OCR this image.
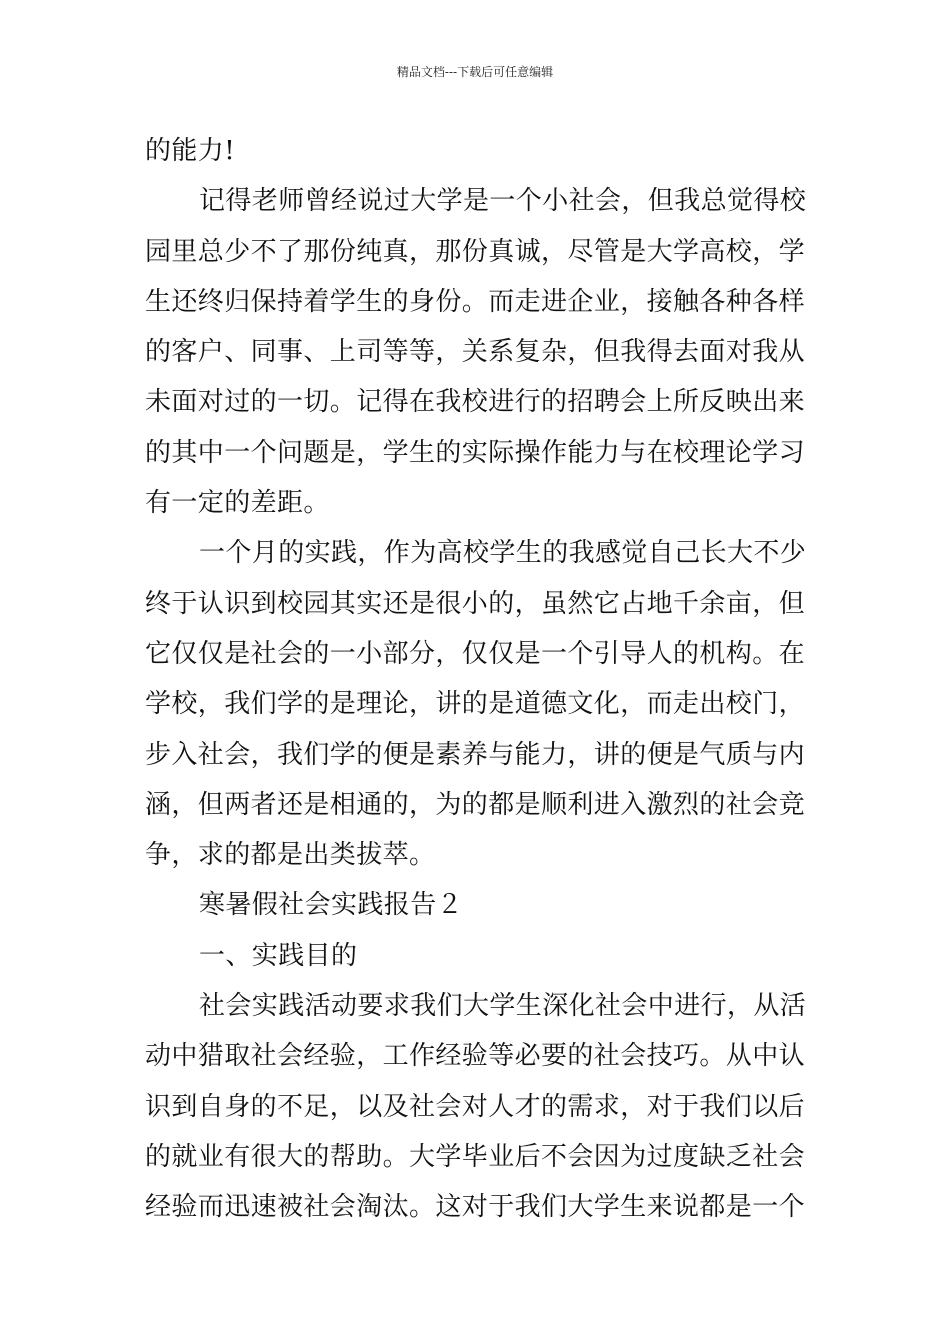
精品文档---下载后可任意编辑
的能力!
记得老师曾经说过大学是一个小社会，但我总觉得校
园里总少不了那份纯真，那份真诚，尽管是大学高校，学
生还终归保持着学生的身份。而走进企业，接触各种各样
的客户、同事、上司等等，关系复杂，但我得去面对我从
未面对过的一切。记得在我校进行的招聘会上所反映出来
的其中一个问题是，学生的实际操作能力与在校理论学习
有一定的差距。
一个月的实践，作为高校学生的我感觉自己长大不少
终于认识到校园其实还是很小的，虽然它占地千余亩，但
它仅仅是社会的一小部分，仅仅是一个引导人的机构。在
学校，我们学的是理论，讲的是道德文化，而走出校门，
步入社会，我们学的便是素养与能力，讲的便是气质与内
涵，但两者还是相通的，为的都是顺利进入激烈的社会竞
争，求的都是出类拔萃。
寒暑假社会实践报告２
一、实践目的
社会实践活动要求我们大学生深化社会中进行，从活
动中猎取社会经验，工作经验等必要的社会技巧。从中认
识到自身的不足，以及社会对人才的需求，对于我们以后
的就业有很大的帮助。大学毕业后不会因为过度缺乏社会
经验而迅速被社会淘汰。这对于我们大学生来说都是一个
